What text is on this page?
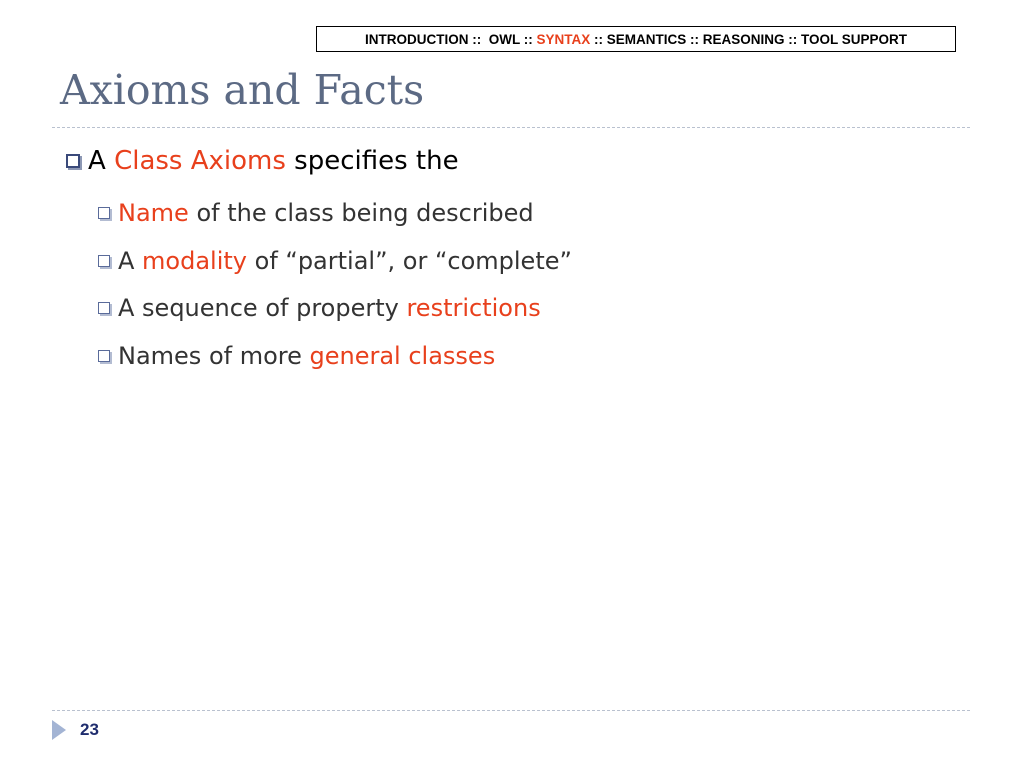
INTRODUCTION ::  OWL :: SYNTAX :: SEMANTICS :: REASONING :: TOOL SUPPORT
Axioms and Facts
A Class Axioms specifies the
Name of the class being described
A modality of “partial”, or “complete”
A sequence of property restrictions
Names of more general classes
23
